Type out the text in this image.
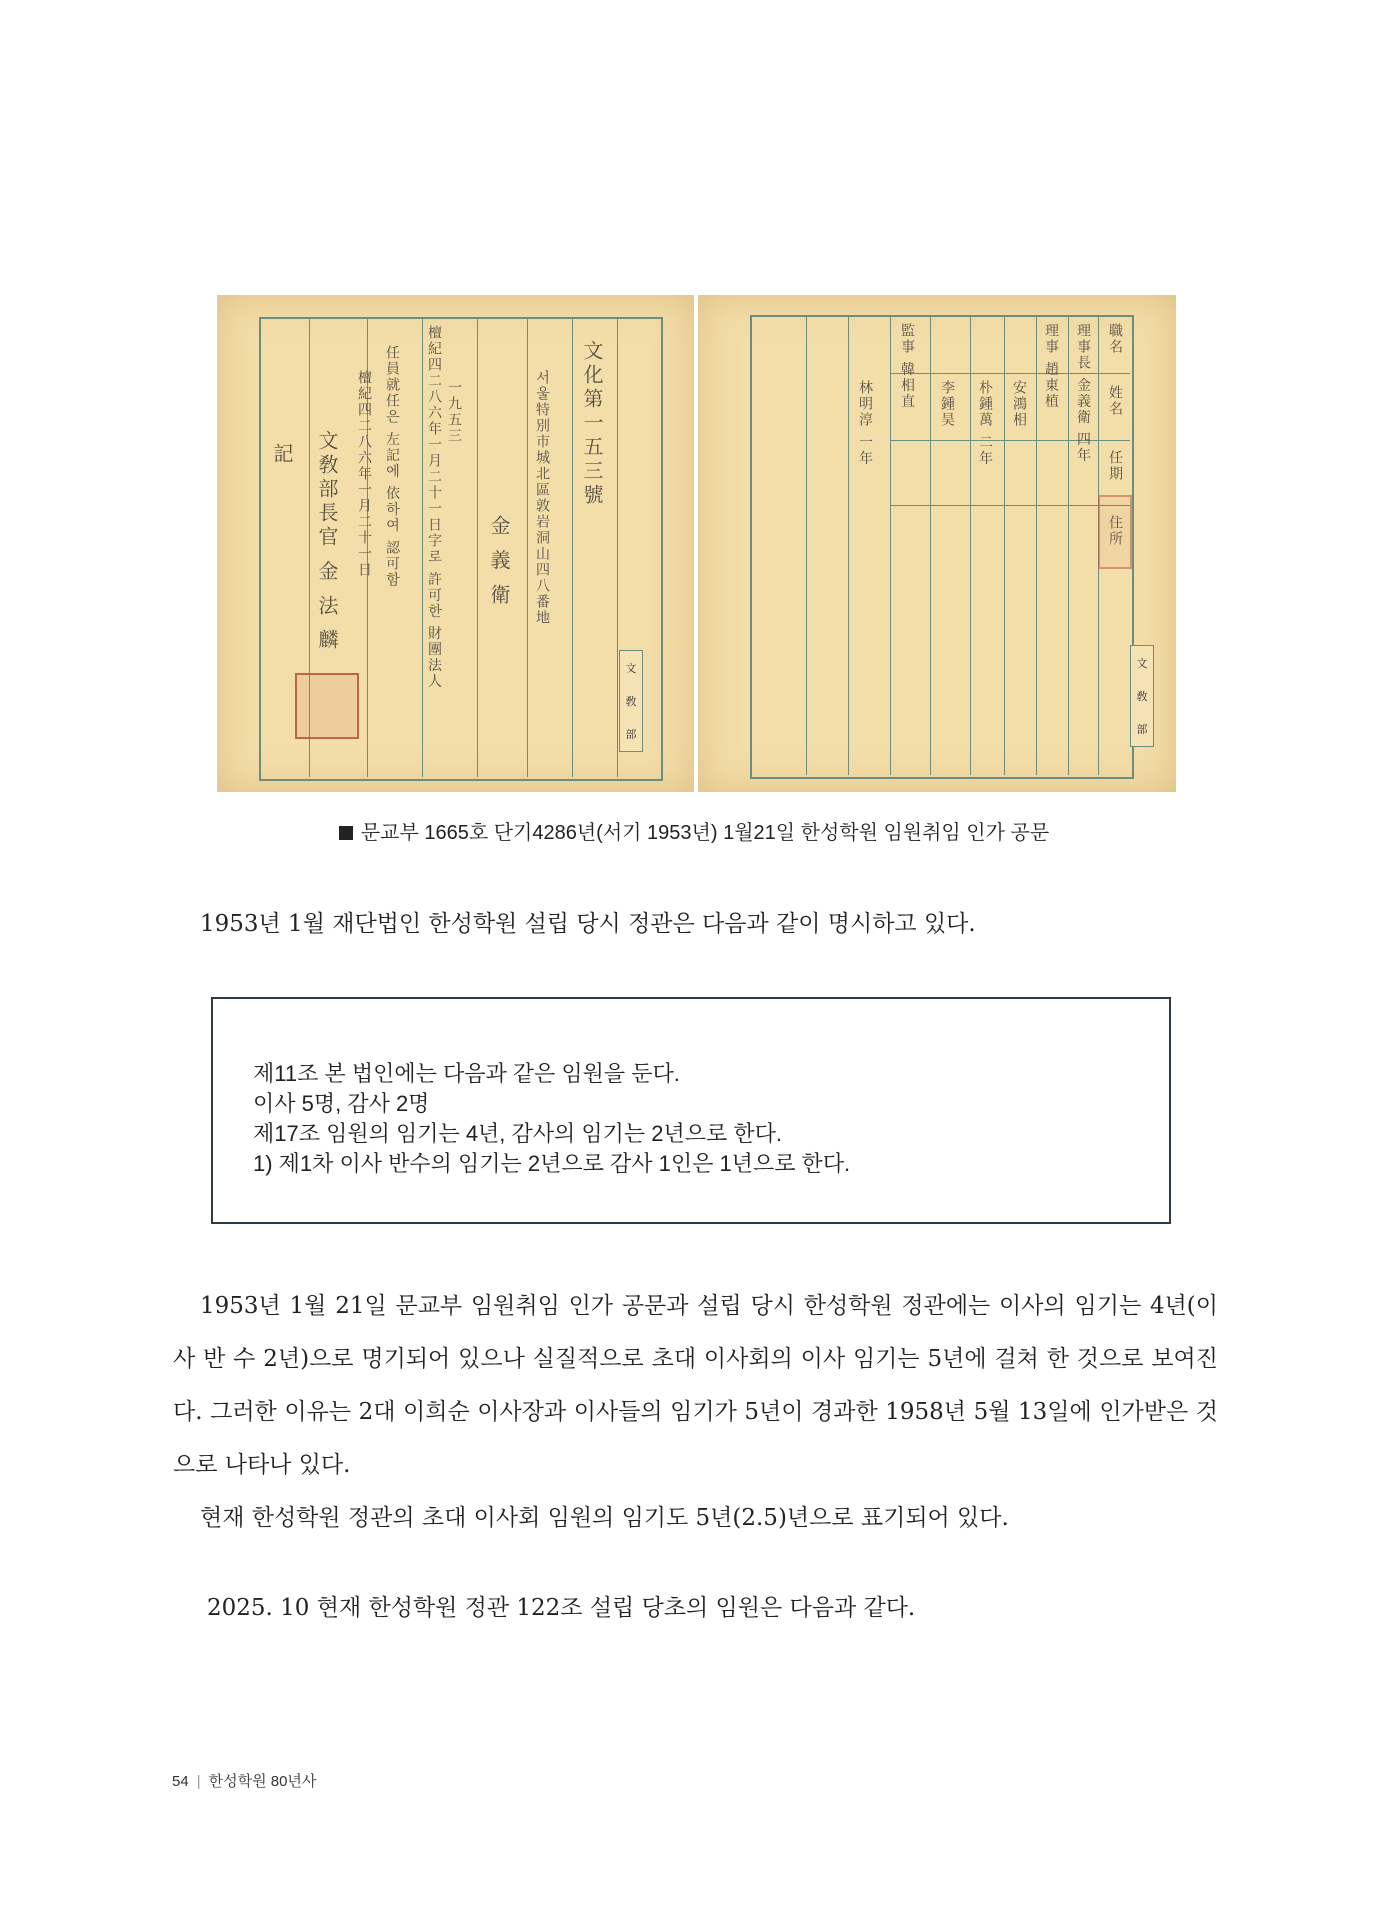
文化第一五三號
서울特別市城北區敦岩洞山四八番地
金 義 衛
一九五三
檀紀四二八六年一月二十一日字로 許可한 財團法人
任員就任은 左記에 依하여 認可함
檀紀四二八六年一月二十一日
文敎部長官 金 法 麟
記
文
敎
部
職名
姓名
任期
住所
理事長 金義衛 四年
理事 趙東植
安鴻相
朴鍾萬 二年
李鍾昊
監事 韓相直
林明淳 一年
文
敎
部
문교부 1665호 단기4286년(서기 1953년) 1월21일 한성학원 임원취임 인가 공문
1953년 1월 재단법인 한성학원 설립 당시 정관은 다음과 같이 명시하고 있다.
제11조 본 법인에는 다음과 같은 임원을 둔다.
이사 5명, 감사 2명
제17조 임원의 임기는 4년, 감사의 임기는 2년으로 한다.
1) 제1차 이사 반수의 임기는 2년으로 감사 1인은 1년으로 한다.

1953년 1월 21일 문교부 임원취임 인가 공문과 설립 당시 한성학원 정관에는 이사의 임기는 4년(이사 반 수 2년)으로 명기되어 있으나 실질적으로 초대 이사회의 이사 임기는 5년에 걸쳐 한 것으로 보여진다. 그러한 이유는 2대 이희순 이사장과 이사들의 임기가 5년이 경과한 1958년 5월 13일에 인가받은 것으로 나타나 있다.

현재 한성학원 정관의 초대 이사회 임원의 임기도 5년(2.5)년으로 표기되어 있다.

2025. 10 현재 한성학원 정관 122조 설립 당초의 임원은 다음과 같다.
54 | 한성학원 80년사
